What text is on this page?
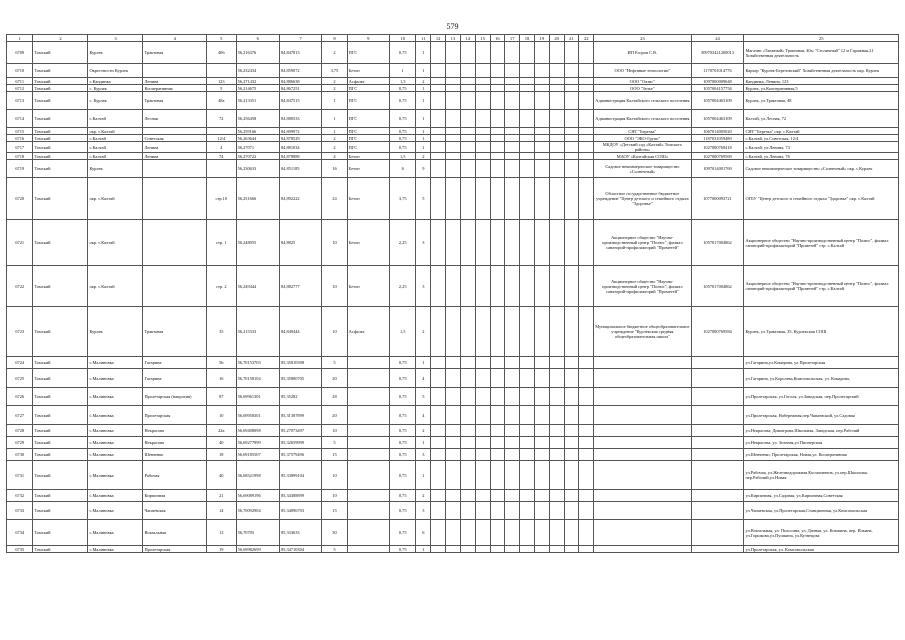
579
1	2	3	4	5	6	7	8	9	10	11	12	13	14	15	16	17	18	19	20	21	22	23	24	25
6709	Томский	Курлек	Трактовая	406	56,216376	84,847813	2	ПГС	0,75	1												ИП Егоров С.В.	309703421200013	Магазин «Таежный» Трактовая, 40а; "Столичный" 12 м Гаражная,21 Хозяйственная деятельность
6710	Томский	Окрестности Курлек			56,232434	84,859072	3,75	Бетон	1	1												ООО "Нефтяные технологии"	1170701014776	Карьер "Курлек-Березовский" Хозяйственная деятельность окр. Курлек
6711	Томский	с.Кандинка	Ленина	123	56,271432	84,886638	2	Асфальт	1,5	2												ООО "Оазис"	1097000009648	Кандинка, Ленина, 123
6712	Томский	с. Курлек	Кооперативная	5	56,214675	84,867251	2	ПГС	0,75	1												ООО "Зелье"	1057004157754	Курлек, ул.Кооперативная,5
6713	Томский	с. Курлек	Трактовая	48а	56,213351	84,847515	1	ПГС	0,75	1												Администрация Калтайского сельского поселения	1057004463109	Курлек, ул.Трактовая, 48
6714	Томский	с.Калтай	Лесная	72	56,256458	84,880533	1	ПГС	0,75	1												Администрация Калтайского сельского поселения	1057004463109	Калтай, ул.Лесная, 72
6715	Томский	окр. с.Калтай			56,259166	84,809972	1	ПГС	0,75	1												СНТ "Березка"	1067014005020	СНТ "Березка" окр. с.Калтай
6716	Томский	с.Калтай	Советская	12/4	56,263644	84,878529	2	ПГС	0,75	1												ООО "ЭКО-Групп"	1187031059480	с.Калтай, ул.Советская, 12/4
6717	Томский	с.Калтай	Ленина	4	56,27071	84,881034	2	ПГС	0,75	1												МКДОУ «Детский сад «Калтай» Томского района»	1027000769418	с.Калтай, ул.Ленина, 73
6718	Томский	с.Калтай	Ленина	74	56,270722	84,878888	4	Бетон	1,5	2												МАОУ «Калтайская СОШ»	1027000769569	с.Калтай, ул.Ленина, 76
6719	Томский	Курлек			56,230633	84,851185	16	Бетон	6	9												Садовое некоммерческое товарищество «Солнечный»	1097014001769	Садовое некоммерческое товарищество «Солнечный» окр. с.Курлек
6720	Томский	окр. с.Калтай		стр.10	56,251666	84,892222	24	Бетон	3,75	5												Областное государственное бюджетное учреждение "Центр детского и семейного отдыха "Здоровье"	1077000093721	ОГБУ "Центр детского и семейного отдыха "Здоровье" окр. с.Калтай
6721	Томский	окр. с.Калтай		стр. 1	56,248055	84,8825	10	Бетон	2,25	3												Акционерное общество "Научно-производственный центр "Полюс", филиал санаторий-профилакторий "Прометей"	1057017004862	Акционерное общество "Научно-производственный центр "Полюс", филиал санаторий-профилакторий "Прометей" стр. с.Калтай
6722	Томский	окр. с.Калтай		стр. 2	56,249444	84,882777	10	Бетон	2,25	3												Акционерное общество "Научно-производственный центр "Полюс", филиал санаторий-профилакторий "Прометей"	1057017004862	Акционерное общество "Научно-производственный центр "Полюс", филиал санаторий-профилакторий "Прометей" стр. с.Калтай
6723	Томский	Курлек	Трактовая	35	56,215333	84,849444	10	Асфальт	1,5	2												Муниципальное бюджетное общеобразовательное учреждение "Курлекская средняя общеобразовательная школа"	1027000769584	Курлек, ул.Трактовая, 35, Курлекская СОШ
6724	Томский	с.Малиновка	Гагарина	5b	56,70153703	85,35810398	5		0,75	1														ул.Гагарина,ул.Комарова, ул.Пролетарская
6725	Томский	с.Малиновка	Гагарина	16	56,70158104	85,35800705	20		0,75	4														ул.Гагарина, ул.Королева,Комсомольская, ул. Комарова,
6726	Томский	с.Малиновка	Пролетарская (напротив)	87	56,69961301	85,35282	28		0,75	5														ул.Пролетарская, ул.Гоголя, ул.Заводская, пер.Пролетарский
6727	Томский	с.Малиновка	Пролетарская	10	56,69958301	85,31387899	20		0,75	4														ул.Пролетарская, Набережная,пер.Чапаевский, ул.Садовая
6728	Томский	с.Малиновка	Некрасова	22a	56,69408098	85,27073497	10		0,75	2														ул.Некрасова, Димитрова,Школьная, Заводская, пер.Рабочий
6729	Томский	с.Малиновка	Некрасова	40	56,69277999	85,32659999	5		0,75	1														ул.Некрасова, ул. Зеленая,ул Пионерская
6730	Томский	с.Малиновка	Шевченко	18	56,69185507	85,37579496	15		0,75	3														ул.Шевченко, Пролетарская, Новая,ул. Кооперативная
6731	Томский	с.Малиновка	Рабочая	40	56,68521998	85,33899104	10		0,75	1														ул.Рабочая, ул.Железнодорожная Космонавтов, ул.пер.Школьная, пер.Рабочий,ул.Новая
6732	Томский	с.Малиновка	Кирпичная	21	56,69089196	85,34388899	10		0,75	2														ул.Кирпичная, ул.Садовая, ул.Кирпичная,Советская
6733	Томский	с.Малиновка	Чапаевская	14	56,70092904	85,34096703	15		0,75	3														ул.Чапаевская, ул.Пролетарская,Станционная, ул.Комсомольская
6734	Томский	с.Малиновка	Вокзальная	13	56,70705	85,333633	30		0,75	6														ул.Вокзальная, ул. Полосина, ул. Дачная, ул. Ковшина, пер. Ильина, ул.Горшкова,ул.Пушкина, ул.Кузнецова
6735	Томский	с.Малиновка	Пролетарская	19	56,69982699	85,34710304	5		0,75	1														ул.Пролетарская, ул. Комсомольская
